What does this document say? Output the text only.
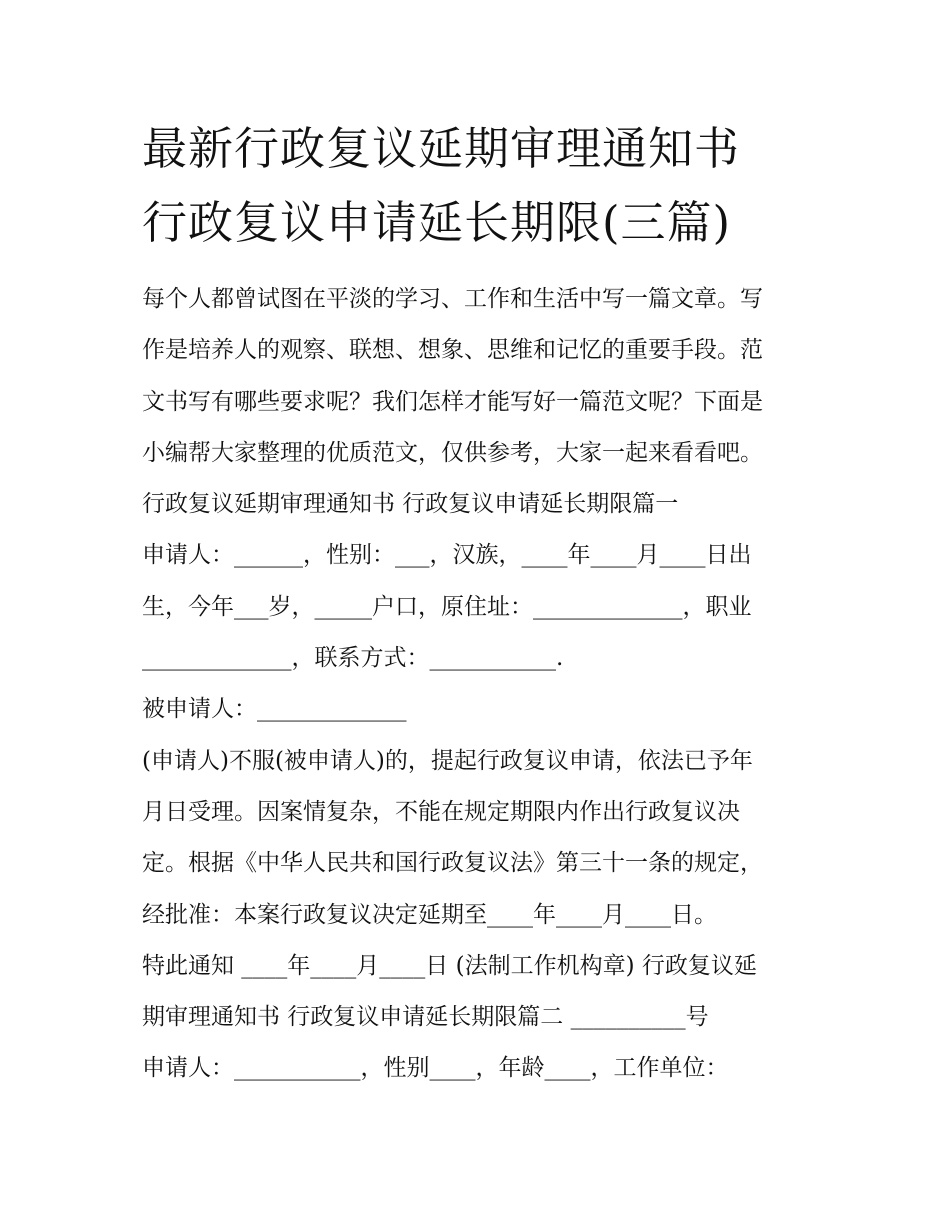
最新行政复议延期审理通知书
行政复议申请延长期限(三篇)
每个人都曾试图在平淡的学习、工作和生活中写一篇文章。写
作是培养人的观察、联想、想象、思维和记忆的重要手段。范
文书写有哪些要求呢？我们怎样才能写好一篇范文呢？下面是
小编帮大家整理的优质范文，仅供参考，大家一起来看看吧。
行政复议延期审理通知书 行政复议申请延长期限篇一
申请人：______，性别：___，汉族，____年____月____日出
生，今年___岁，_____户口，原住址：_____________，职业
_____________，联系方式：___________.
被申请人：_____________
(申请人)不服(被申请人)的，提起行政复议申请，依法已予年
月日受理。因案情复杂，不能在规定期限内作出行政复议决
定。根据《中华人民共和国行政复议法》第三十一条的规定，
经批准：本案行政复议决定延期至____年____月____日。
特此通知 ____年____月____日 (法制工作机构章) 行政复议延
期审理通知书 行政复议申请延长期限篇二 __________号
申请人：___________，性别____，年龄____，工作单位：
